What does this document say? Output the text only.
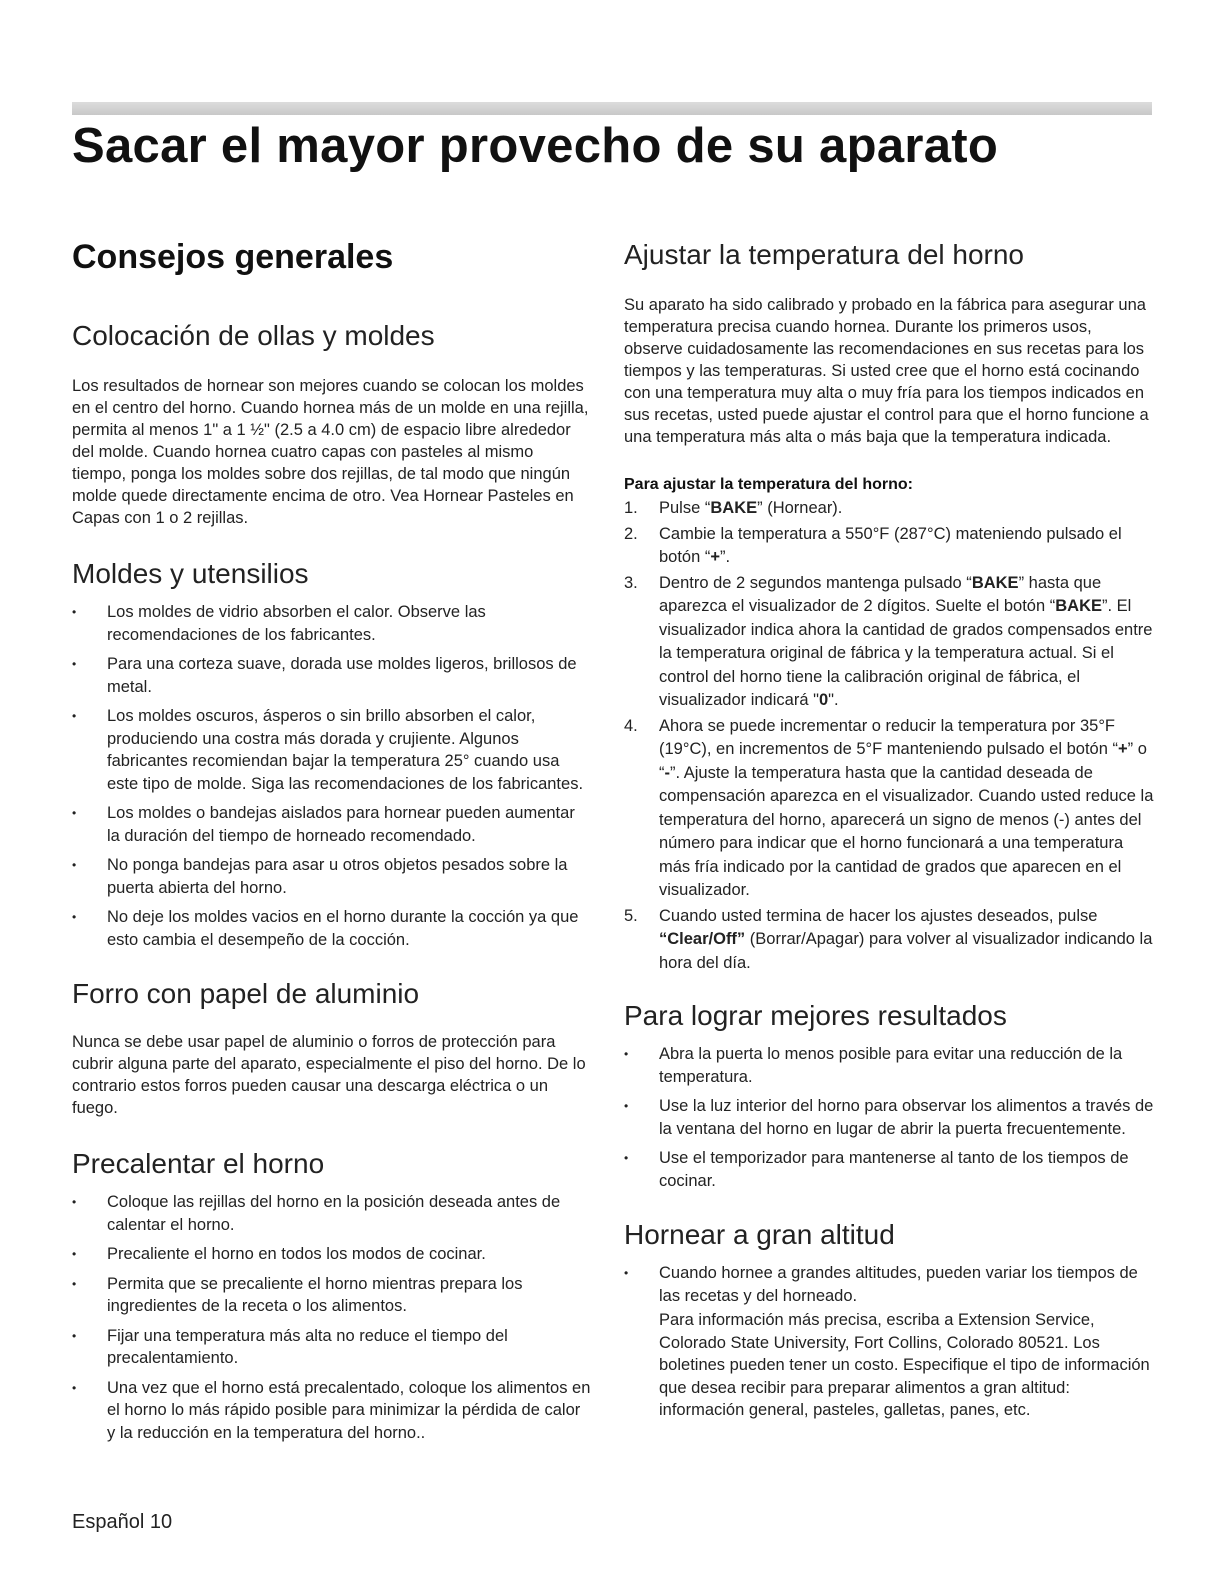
Sacar el mayor provecho de su aparato
Consejos generales
Colocación de ollas y moldes

Los resultados de hornear son mejores cuando se colocan los moldes en el centro del horno. Cuando hornea más de un molde en una rejilla, permita al menos 1" a 1 ½" (2.5 a 4.0 cm) de espacio libre alrededor del molde. Cuando hornea cuatro capas con pasteles al mismo tiempo, ponga los moldes sobre dos rejillas, de tal modo que ningún molde quede directamente encima de otro. Vea Hornear Pasteles en Capas con 1 o 2 rejillas.

Moldes y utensilios
• Los moldes de vidrio absorben el calor. Observe las recomendaciones de los fabricantes.
• Para una corteza suave, dorada use moldes ligeros, brillosos de metal.
• Los moldes oscuros, ásperos o sin brillo absorben el calor, produciendo una costra más dorada y crujiente. Algunos fabricantes recomiendan bajar la temperatura 25° cuando usa este tipo de molde. Siga las recomendaciones de los fabricantes.
• Los moldes o bandejas aislados para hornear pueden aumentar la duración del tiempo de horneado recomendado.
• No ponga bandejas para asar u otros objetos pesados sobre la puerta abierta del horno.
• No deje los moldes vacios en el horno durante la cocción ya que esto cambia el desempeño de la cocción.
Forro con papel de aluminio

Nunca se debe usar papel de aluminio o forros de protección para cubrir alguna parte del aparato, especialmente el piso del horno. De lo contrario estos forros pueden causar una descarga eléctrica o un fuego.

Precalentar el horno
• Coloque las rejillas del horno en la posición deseada antes de calentar el horno.
• Precaliente el horno en todos los modos de cocinar.
• Permita que se precaliente el horno mientras prepara los ingredientes de la receta o los alimentos.
• Fijar una temperatura más alta no reduce el tiempo del precalentamiento.
• Una vez que el horno está precalentado, coloque los alimentos en el horno lo más rápido posible para minimizar la pérdida de calor y la reducción en la temperatura del horno..
Ajustar la temperatura del horno

Su aparato ha sido calibrado y probado en la fábrica para asegurar una temperatura precisa cuando hornea. Durante los primeros usos, observe cuidadosamente las recomendaciones en sus recetas para los tiempos y las temperaturas. Si usted cree que el horno está cocinando con una temperatura muy alta o muy fría para los tiempos indicados en sus recetas, usted puede ajustar el control para que el horno funcione a una temperatura más alta o más baja que la temperatura indicada.

Para ajustar la temperatura del horno:

1. Pulse “BAKE” (Hornear).
2. Cambie la temperatura a 550°F (287°C) mateniendo pulsado el botón “+”.
3. Dentro de 2 segundos mantenga pulsado “BAKE” hasta que aparezca el visualizador de 2 dígitos. Suelte el botón “BAKE”. El visualizador indica ahora la cantidad de grados compensados entre la temperatura original de fábrica y la temperatura actual. Si el control del horno tiene la calibración original de fábrica, el visualizador indicará "0".
4. Ahora se puede incrementar o reducir la temperatura por 35°F (19°C), en incrementos de 5°F manteniendo pulsado el botón “+” o “-”. Ajuste la temperatura hasta que la cantidad deseada de compensación aparezca en el visualizador. Cuando usted reduce la temperatura del horno, aparecerá un signo de menos (-) antes del número para indicar que el horno funcionará a una temperatura más fría indicado por la cantidad de grados que aparecen en el visualizador.
5. Cuando usted termina de hacer los ajustes deseados, pulse “Clear/Off” (Borrar/Apagar) para volver al visualizador indicando la hora del día.
Para lograr mejores resultados
• Abra la puerta lo menos posible para evitar una reducción de la temperatura.
• Use la luz interior del horno para observar los alimentos a través de la ventana del horno en lugar de abrir la puerta frecuentemente.
• Use el temporizador para mantenerse al tanto de los tiempos de cocinar.
Hornear a gran altitud
• Cuando hornee a grandes altitudes, pueden variar los tiempos de las recetas y del horneado.
Para información más precisa, escriba a Extension Service, Colorado State University, Fort Collins, Colorado 80521. Los boletines pueden tener un costo. Especifique el tipo de información que desea recibir para preparar alimentos a gran altitud: información general, pasteles, galletas, panes, etc.
Español 10
